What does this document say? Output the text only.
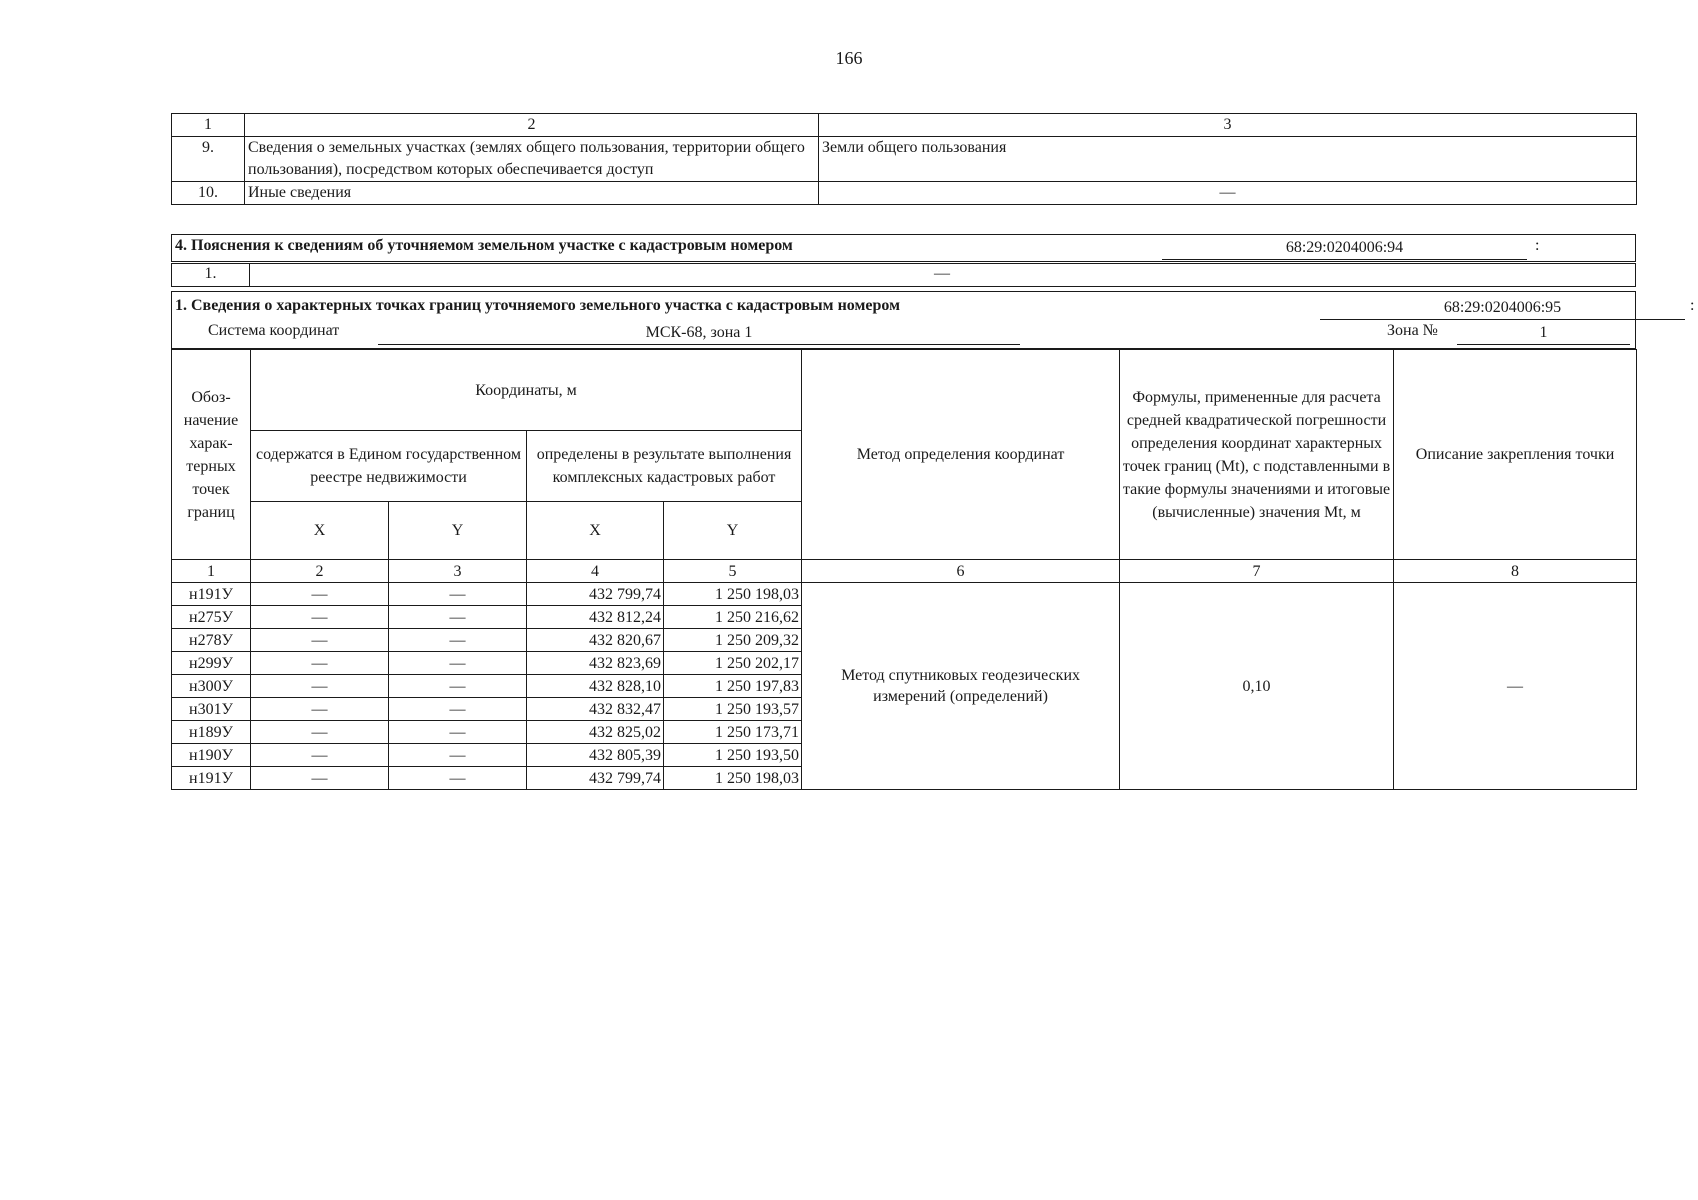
166
1	2	3
9.	Сведения о земельных участках (землях общего пользования, территории общего пользования), посредством которых обеспечивается доступ	Земли общего пользования
10.	Иные сведения	—
4. Пояснения к сведениям об уточняемом земельном участке с кадастровым номером	68:29:0204006:94	:
1.	—
1. Сведения о характерных точках границ уточняемого земельного участка с кадастровым номером	68:29:0204006:95	:
Система координат	МСК-68, зона 1	Зона №	1
Обоз-начение харак-терных точек границ	Координаты, м				Метод определения координат	Формулы, примененные для расчета средней квадратической погрешности определения координат характерных точек границ (Mt), с подставленными в такие формулы значениями и итоговые (вычисленные) значения Mt, м	Описание закрепления точки
	содержатся в Едином государственном реестре недвижимости		определены в результате выполнения комплексных кадастровых работ				
	X	Y	X	Y			
1	2	3	4	5	6	7	8
н191У	—	—	432 799,74	1 250 198,03	Метод спутниковых геодезических измерений (определений)	0,10	—
н275У	—	—	432 812,24	1 250 216,62			
н278У	—	—	432 820,67	1 250 209,32			
н299У	—	—	432 823,69	1 250 202,17			
н300У	—	—	432 828,10	1 250 197,83			
н301У	—	—	432 832,47	1 250 193,57			
н189У	—	—	432 825,02	1 250 173,71			
н190У	—	—	432 805,39	1 250 193,50			
н191У	—	—	432 799,74	1 250 198,03			
